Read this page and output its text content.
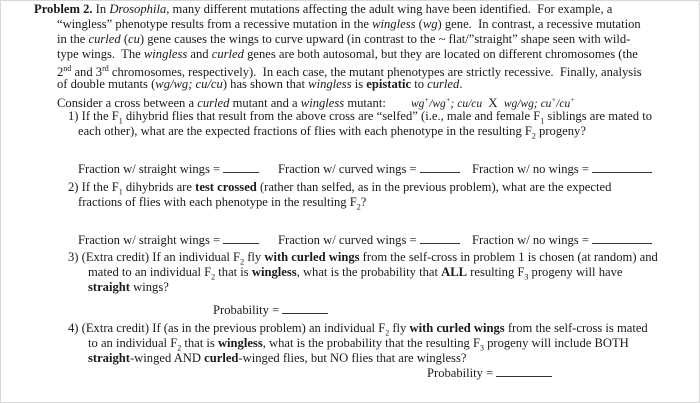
Problem 2. In Drosophila, many different mutations affecting the adult wing have been identified.  For example, a
“wingless” phenotype results from a recessive mutation in the wingless (wg) gene.  In contrast, a recessive mutation
in the curled (cu) gene causes the wings to curve upward (in contrast to the ~ flat/”straight” shape seen with wild-
type wings.  The wingless and curled genes are both autosomal, but they are located on different chromosomes (the
2nd and 3rd chromosomes, respectively).  In each case, the mutant phenotypes are strictly recessive.  Finally, analysis
of double mutants (wg/wg; cu/cu) has shown that wingless is epistatic to curled.
Consider a cross between a curled mutant and a wingless mutant:        wg+/wg+; cu/cu  X  wg/wg; cu+/cu+
1) If the $F_1$ dihybrid flies that result from the above cross are “selfed” (i.e., male and female $F_1$ siblings are mated to
each other), what are the expected fractions of flies with each phenotype in the resulting $F_2$ progeny?
Fraction w/ straight wings =	Fraction w/ curved wings =	Fraction w/ no wings =
2) If the $F_1$ dihybrids are test crossed (rather than selfed, as in the previous problem), what are the expected
fractions of flies with each phenotype in the resulting $F_2$?
Fraction w/ straight wings =	Fraction w/ curved wings =	Fraction w/ no wings =
3) (Extra credit) If an individual $F_2$ fly with curled wings from the self-cross in problem 1 is chosen (at random) and
mated to an individual $F_2$ that is wingless, what is the probability that ALL resulting $F_3$ progeny will have
straight wings?
Probability =
4) (Extra credit) If (as in the previous problem) an individual $F_2$ fly with curled wings from the self-cross is mated
to an individual $F_2$ that is wingless, what is the probability that the resulting $F_3$ progeny will include BOTH
straight-winged AND curled-winged flies, but NO flies that are wingless?
Probability =
